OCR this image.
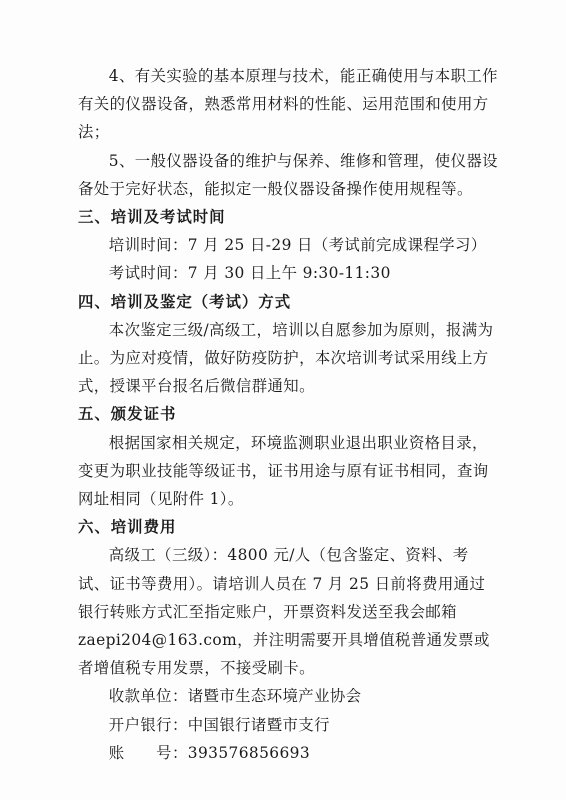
4、有关实验的基本原理与技术，能正确使用与本职工作有关的仪器设备，熟悉常用材料的性能、运用范围和使用方法；

5、一般仪器设备的维护与保养、维修和管理，使仪器设备处于完好状态，能拟定一般仪器设备操作使用规程等。

三、培训及考试时间

培训时间：7 月 25 日-29 日（考试前完成课程学习）

考试时间：7 月 30 日上午 9:30-11:30

四、培训及鉴定（考试）方式

本次鉴定三级/高级工，培训以自愿参加为原则，报满为止。为应对疫情，做好防疫防护，本次培训考试采用线上方式，授课平台报名后微信群通知。

五、颁发证书

根据国家相关规定，环境监测职业退出职业资格目录，变更为职业技能等级证书，证书用途与原有证书相同，查询网址相同（见附件 1）。

六、培训费用

高级工（三级）：4800 元/人（包含鉴定、资料、考试、证书等费用）。请培训人员在 7 月 25 日前将费用通过银行转账方式汇至指定账户，开票资料发送至我会邮箱

zaepi204@163.com，并注明需要开具增值税普通发票或者增值税专用发票，不接受刷卡。

收款单位：诸暨市生态环境产业协会

开户银行：中国银行诸暨市支行

账　　号：393576856693
